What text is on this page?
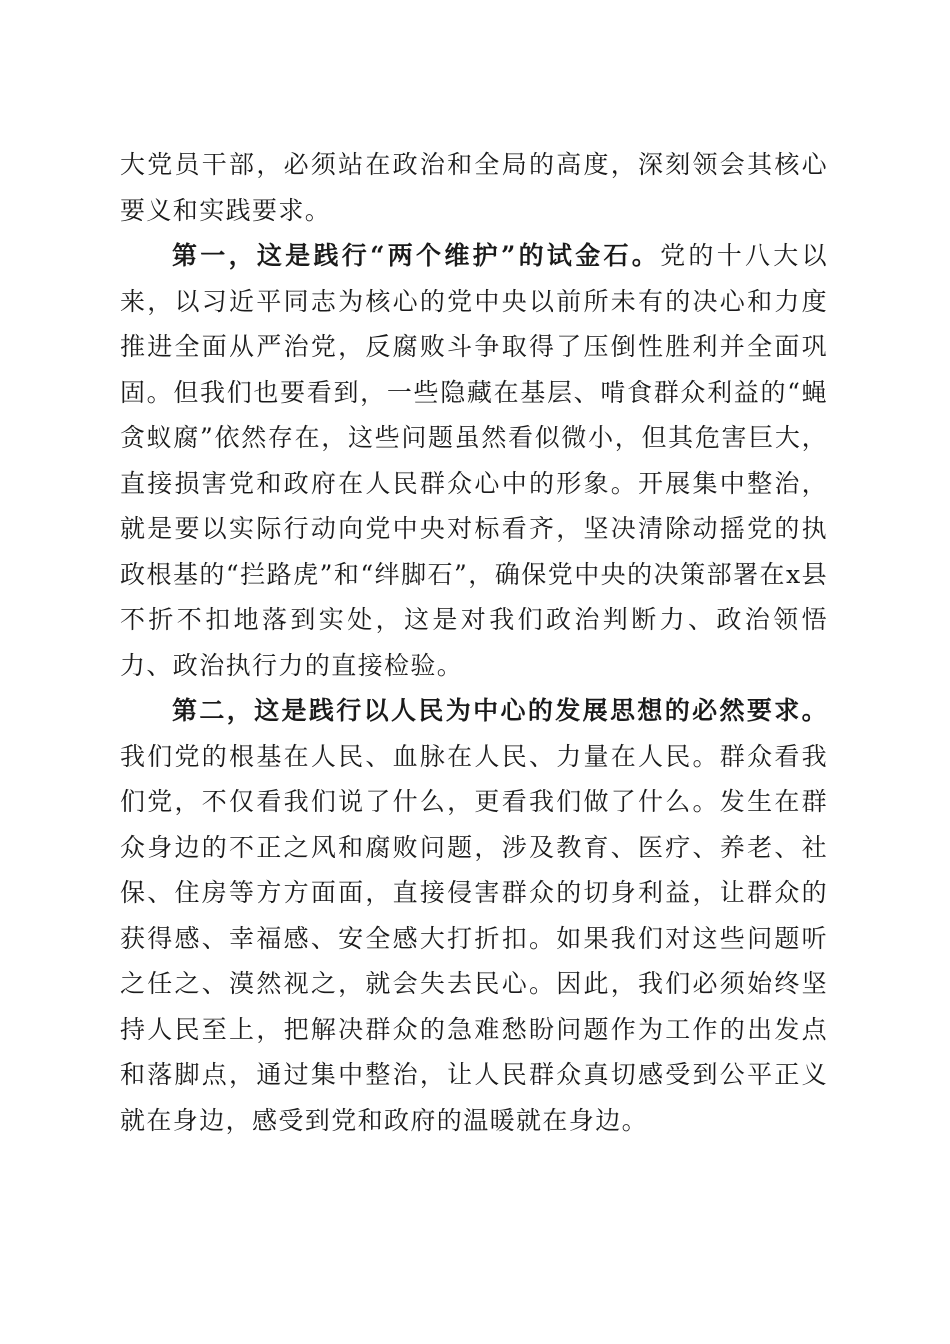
大党员干部，必须站在政治和全局的高度，深刻领会其核心要义和实践要求。

第一，这是践行“两个维护”的试金石。党的十八大以来，以习近平同志为核心的党中央以前所未有的决心和力度推进全面从严治党，反腐败斗争取得了压倒性胜利并全面巩固。但我们也要看到，一些隐藏在基层、啃食群众利益的“蝇贪蚁腐”依然存在，这些问题虽然看似微小，但其危害巨大，直接损害党和政府在人民群众心中的形象。开展集中整治，就是要以实际行动向党中央对标看齐，坚决清除动摇党的执政根基的“拦路虎”和“绊脚石”，确保党中央的决策部署在x县不折不扣地落到实处，这是对我们政治判断力、政治领悟力、政治执行力的直接检验。

第二，这是践行以人民为中心的发展思想的必然要求。我们党的根基在人民、血脉在人民、力量在人民。群众看我们党，不仅看我们说了什么，更看我们做了什么。发生在群众身边的不正之风和腐败问题，涉及教育、医疗、养老、社保、住房等方方面面，直接侵害群众的切身利益，让群众的获得感、幸福感、安全感大打折扣。如果我们对这些问题听之任之、漠然视之，就会失去民心。因此，我们必须始终坚持人民至上，把解决群众的急难愁盼问题作为工作的出发点和落脚点，通过集中整治，让人民群众真切感受到公平正义就在身边，感受到党和政府的温暖就在身边。
